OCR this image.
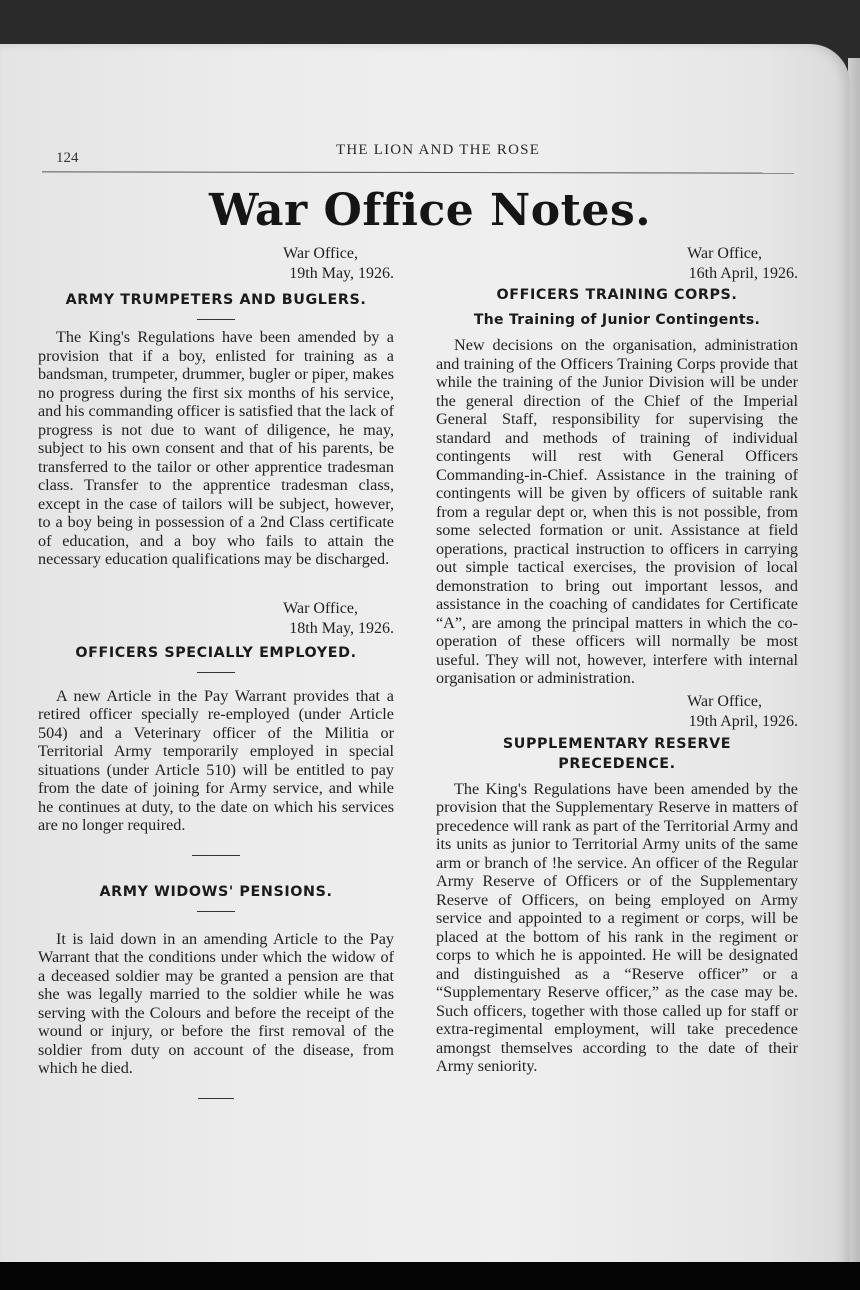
124	THE LION AND THE ROSE
War Office Notes.
War Office,
19th May, 1926.
ARMY TRUMPETERS AND BUGLERS.

The King's Regulations have been amended by a provision that if a boy, enlisted for training as a bandsman, trumpeter, drummer, bugler or piper, makes no progress during the first six months of his service, and his commanding officer is satisfied that the lack of progress is not due to want of diligence, he may, subject to his own consent and that of his parents, be transferred to the tailor or other apprentice tradesman class. Transfer to the apprentice tradesman class, except in the case of tailors will be subject, however, to a boy being in possession of a 2nd Class certificate of education, and a boy who fails to attain the necessary education qualifications may be discharged.

War Office,
18th May, 1926.
OFFICERS SPECIALLY EMPLOYED.

A new Article in the Pay Warrant provides that a retired officer specially re-employed (under Article 504) and a Veterinary officer of the Militia or Territorial Army temporarily employed in special situations (under Article 510) will be entitled to pay from the date of joining for Army service, and while he continues at duty, to the date on which his services are no longer required.

ARMY WIDOWS' PENSIONS.

It is laid down in an amending Article to the Pay Warrant that the conditions under which the widow of a deceased soldier may be granted a pension are that she was legally married to the soldier while he was serving with the Colours and before the receipt of the wound or injury, or before the first removal of the soldier from duty on account of the disease, from which he died.

War Office,
16th April, 1926.
OFFICERS TRAINING CORPS.
The Training of Junior Contingents.

New decisions on the organisation, administration and training of the Officers Training Corps provide that while the training of the Junior Division will be under the general direction of the Chief of the Imperial General Staff, responsibility for supervising the standard and methods of training of individual contingents will rest with General Officers Commanding-in-Chief. Assistance in the training of contingents will be given by officers of suitable rank from a regular dept or, when this is not possible, from some selected formation or unit. Assistance at field operations, practical instruction to officers in carrying out simple tactical exercises, the provision of local demonstration to bring out important lessos, and assistance in the coaching of candidates for Certificate “A”, are among the principal matters in which the co-operation of these officers will normally be most useful. They will not, however, interfere with internal organisation or administration.

War Office,
19th April, 1926.
SUPPLEMENTARY RESERVE
PRECEDENCE.

The King's Regulations have been amended by the provision that the Supplementary Reserve in matters of precedence will rank as part of the Territorial Army and its units as junior to Territorial Army units of the same arm or branch of !he service. An officer of the Regular Army Reserve of Officers or of the Supplementary Reserve of Officers, on being employed on Army service and appointed to a regiment or corps, will be placed at the bottom of his rank in the regiment or corps to which he is appointed. He will be designated and distinguished as a “Reserve officer” or a “Supplementary Reserve officer,” as the case may be. Such officers, together with those called up for staff or extra-regimental employment, will take precedence amongst themselves according to the date of their Army seniority.
